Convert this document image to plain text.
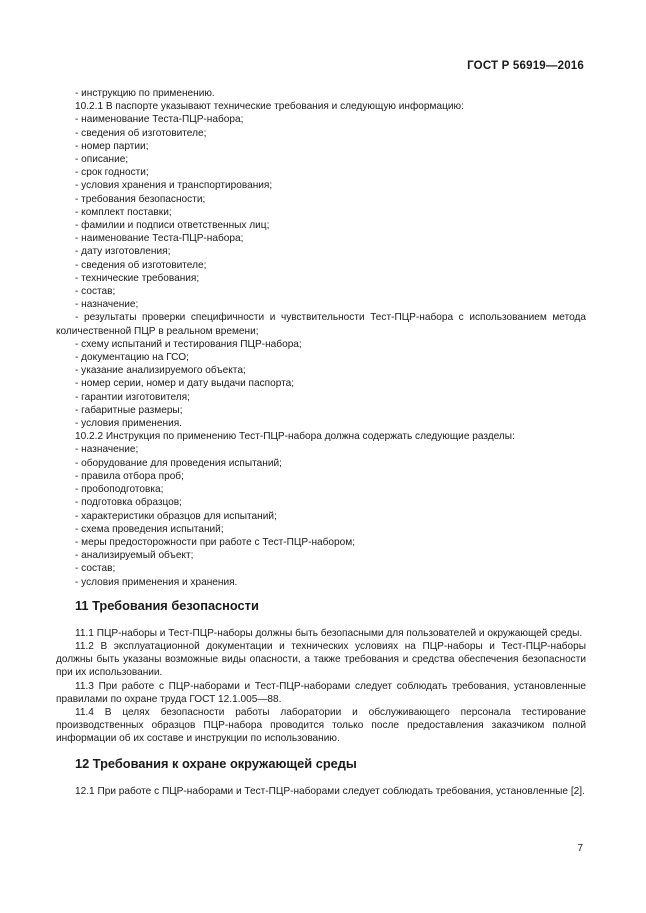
ГОСТ Р 56919—2016

- инструкцию по применению.

10.2.1 В паспорте указывают технические требования и следующую информацию:

- наименование Теста-ПЦР-набора;

- сведения об изготовителе;

- номер партии;

- описание;

- срок годности;

- условия хранения и транспортирования;

- требования безопасности;

- комплект поставки;

- фамилии и подписи ответственных лиц;

- наименование Теста-ПЦР-набора;

- дату изготовления;

- сведения об изготовителе;

- технические требования;

- состав;

- назначение;

- результаты проверки специфичности и чувствительности Тест-ПЦР-набора с использованием метода количественной ПЦР в реальном времени;

- схему испытаний и тестирования ПЦР-набора;

- документацию на ГСО;

- указание анализируемого объекта;

- номер серии, номер и дату выдачи паспорта;

- гарантии изготовителя;

- габаритные размеры;

- условия применения.

10.2.2 Инструкция по применению Тест-ПЦР-набора должна содержать следующие разделы:

- назначение;

- оборудование для проведения испытаний;

- правила отбора проб;

- пробоподготовка;

- подготовка образцов;

- характеристики образцов для испытаний;

- схема проведения испытаний;

- меры предосторожности при работе с Тест-ПЦР-набором;

- анализируемый объект;

- состав;

- условия применения и хранения.

11 Требования безопасности

11.1 ПЦР-наборы и Тест-ПЦР-наборы должны быть безопасными для пользователей и окружающей среды.

11.2 В эксплуатационной документации и технических условиях на ПЦР-наборы и Тест-ПЦР-наборы должны быть указаны возможные виды опасности, а также требования и средства обеспечения безопасности при их использовании.

11.3 При работе с ПЦР-наборами и Тест-ПЦР-наборами следует соблюдать требования, установленные правилами по охране труда ГОСТ 12.1.005—88.

11.4 В целях безопасности работы лаборатории и обслуживающего персонала тестирование производственных образцов ПЦР-набора проводится только после предоставления заказчиком полной информации об их составе и инструкции по использованию.

12 Требования к охране окружающей среды

12.1 При работе с ПЦР-наборами и Тест-ПЦР-наборами следует соблюдать требования, установленные [2].

7
